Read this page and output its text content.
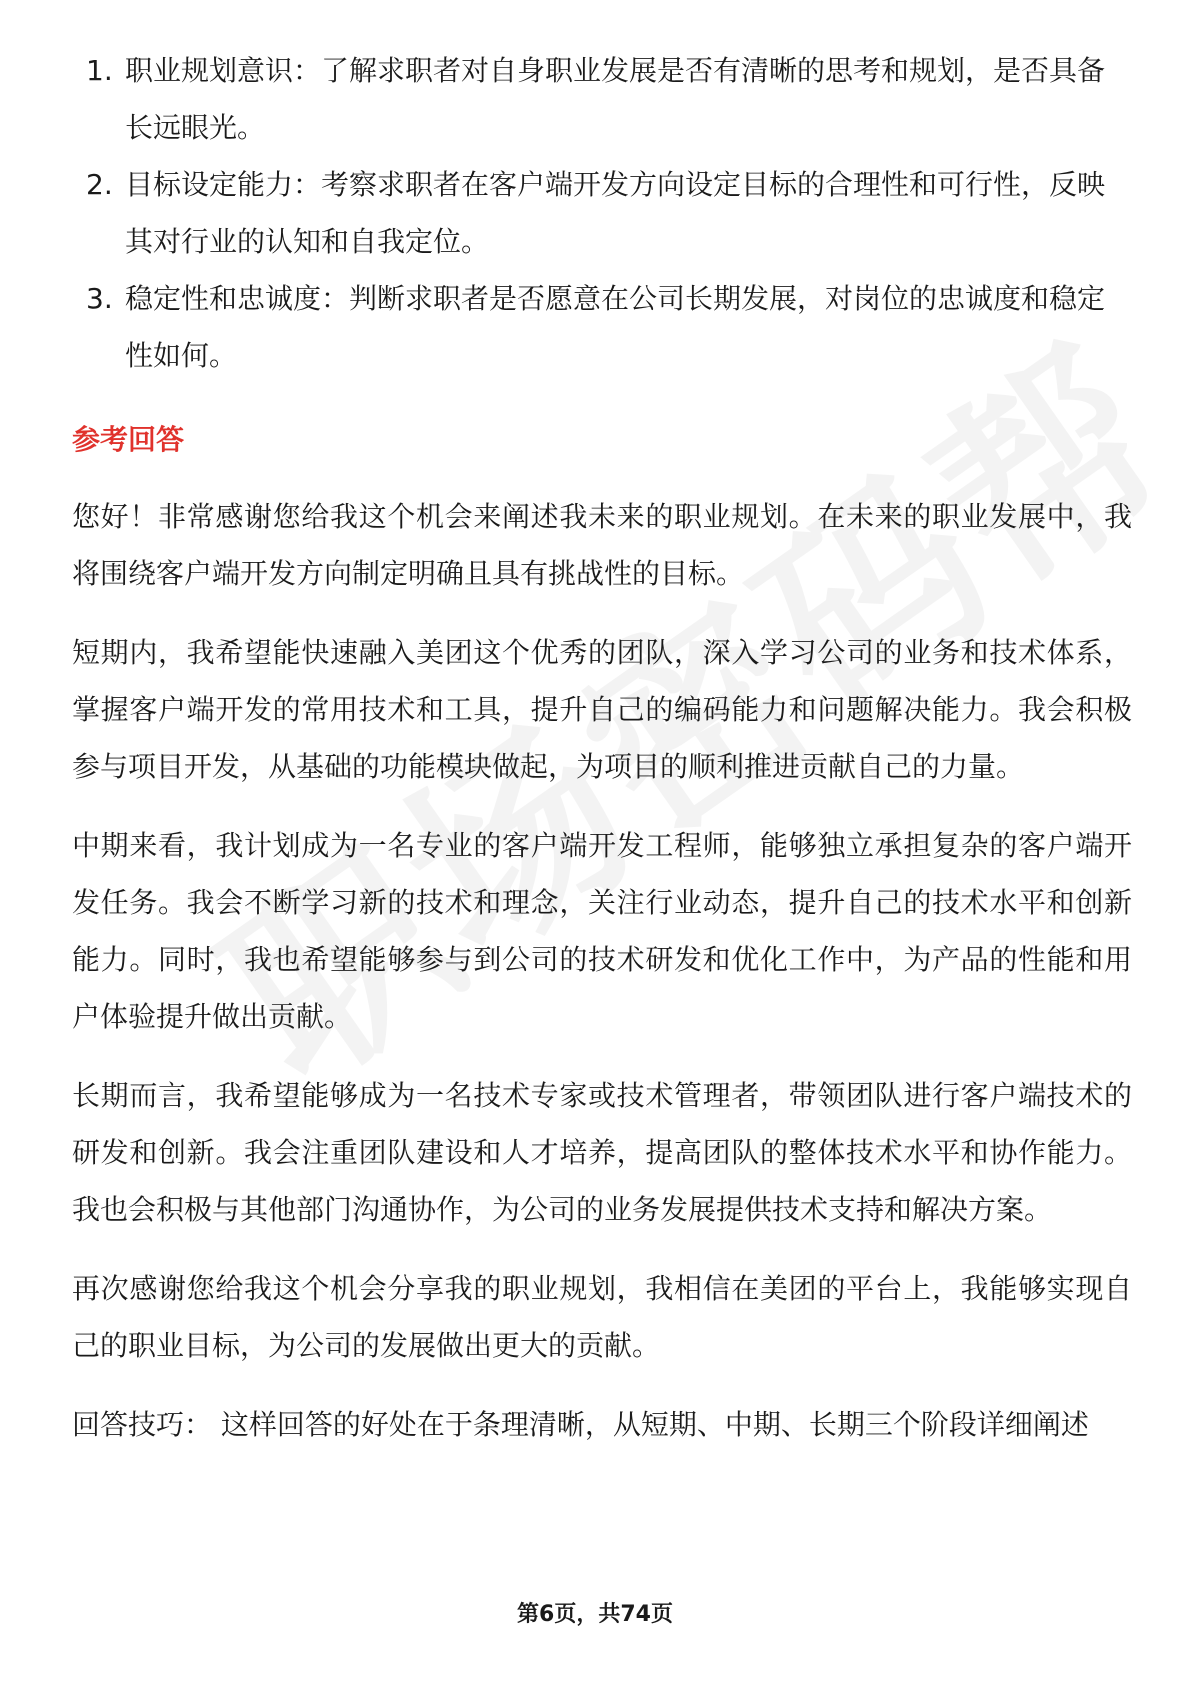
1. 职业规划意识：了解求职者对自身职业发展是否有清晰的思考和规划，是否具备长远眼光。
2. 目标设定能力：考察求职者在客户端开发方向设定目标的合理性和可行性，反映其对行业的认知和自我定位。
3. 稳定性和忠诚度：判断求职者是否愿意在公司长期发展，对岗位的忠诚度和稳定性如何。
参考回答

您好！非常感谢您给我这个机会来阐述我未来的职业规划。在未来的职业发展中，我将围绕客户端开发方向制定明确且具有挑战性的目标。

短期内，我希望能快速融入美团这个优秀的团队，深入学习公司的业务和技术体系，掌握客户端开发的常用技术和工具，提升自己的编码能力和问题解决能力。我会积极参与项目开发，从基础的功能模块做起，为项目的顺利推进贡献自己的力量。

中期来看，我计划成为一名专业的客户端开发工程师，能够独立承担复杂的客户端开发任务。我会不断学习新的技术和理念，关注行业动态，提升自己的技术水平和创新能力。同时，我也希望能够参与到公司的技术研发和优化工作中，为产品的性能和用户体验提升做出贡献。

长期而言，我希望能够成为一名技术专家或技术管理者，带领团队进行客户端技术的研发和创新。我会注重团队建设和人才培养，提高团队的整体技术水平和协作能力。我也会积极与其他部门沟通协作，为公司的业务发展提供技术支持和解决方案。

再次感谢您给我这个机会分享我的职业规划，我相信在美团的平台上，我能够实现自己的职业目标，为公司的发展做出更大的贡献。

回答技巧： 这样回答的好处在于条理清晰，从短期、中期、长期三个阶段详细阐述

第6页，共74页
